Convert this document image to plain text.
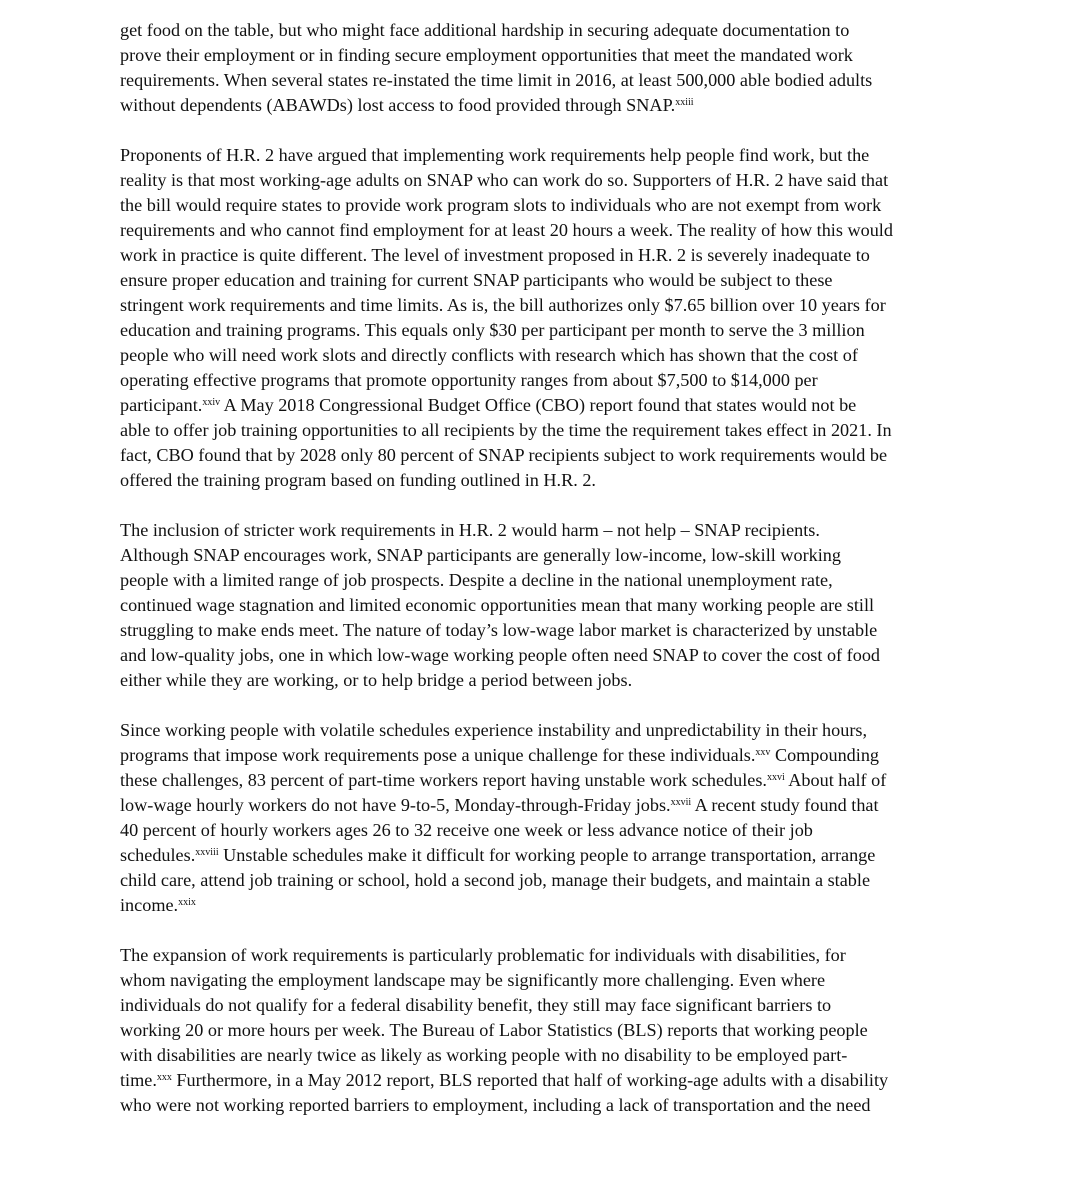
get food on the table, but who might face additional hardship in securing adequate documentation to
prove their employment or in finding secure employment opportunities that meet the mandated work
requirements. When several states re-instated the time limit in 2016, at least 500,000 able bodied adults
without dependents (ABAWDs) lost access to food provided through SNAP.$^{xxiii}$
Proponents of H.R. 2 have argued that implementing work requirements help people find work, but the
reality is that most working-age adults on SNAP who can work do so. Supporters of H.R. 2 have said that
the bill would require states to provide work program slots to individuals who are not exempt from work
requirements and who cannot find employment for at least 20 hours a week. The reality of how this would
work in practice is quite different. The level of investment proposed in H.R. 2 is severely inadequate to
ensure proper education and training for current SNAP participants who would be subject to these
stringent work requirements and time limits. As is, the bill authorizes only $7.65 billion over 10 years for
education and training programs. This equals only $30 per participant per month to serve the 3 million
people who will need work slots and directly conflicts with research which has shown that the cost of
operating effective programs that promote opportunity ranges from about $7,500 to $14,000 per
participant.$^{xxiv}$ A May 2018 Congressional Budget Office (CBO) report found that states would not be
able to offer job training opportunities to all recipients by the time the requirement takes effect in 2021. In
fact, CBO found that by 2028 only 80 percent of SNAP recipients subject to work requirements would be
offered the training program based on funding outlined in H.R. 2.
The inclusion of stricter work requirements in H.R. 2 would harm – not help – SNAP recipients.
Although SNAP encourages work, SNAP participants are generally low-income, low-skill working
people with a limited range of job prospects. Despite a decline in the national unemployment rate,
continued wage stagnation and limited economic opportunities mean that many working people are still
struggling to make ends meet. The nature of today’s low-wage labor market is characterized by unstable
and low-quality jobs, one in which low-wage working people often need SNAP to cover the cost of food
either while they are working, or to help bridge a period between jobs.
Since working people with volatile schedules experience instability and unpredictability in their hours,
programs that impose work requirements pose a unique challenge for these individuals.$^{xxv}$ Compounding
these challenges, 83 percent of part-time workers report having unstable work schedules.$^{xxvi}$ About half of
low-wage hourly workers do not have 9-to-5, Monday-through-Friday jobs.$^{xxvii}$ A recent study found that
40 percent of hourly workers ages 26 to 32 receive one week or less advance notice of their job
schedules.$^{xxviii}$ Unstable schedules make it difficult for working people to arrange transportation, arrange
child care, attend job training or school, hold a second job, manage their budgets, and maintain a stable
income.$^{xxix}$
The expansion of work requirements is particularly problematic for individuals with disabilities, for
whom navigating the employment landscape may be significantly more challenging. Even where
individuals do not qualify for a federal disability benefit, they still may face significant barriers to
working 20 or more hours per week. The Bureau of Labor Statistics (BLS) reports that working people
with disabilities are nearly twice as likely as working people with no disability to be employed part-
time.$^{xxx}$ Furthermore, in a May 2012 report, BLS reported that half of working-age adults with a disability
who were not working reported barriers to employment, including a lack of transportation and the need
